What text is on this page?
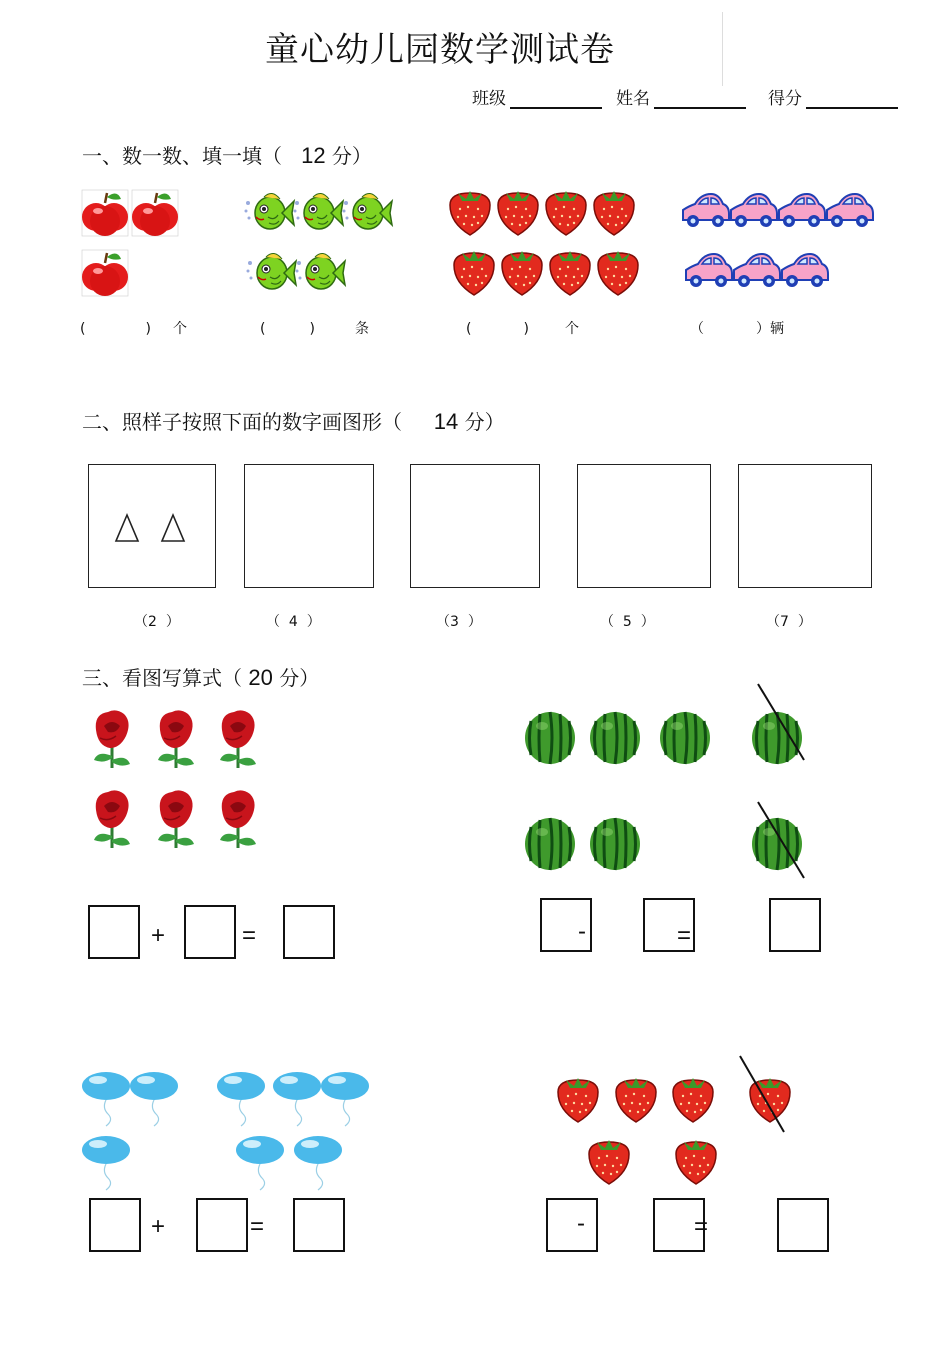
童心幼儿园数学测试卷
班级	姓名	得分
一、数一数、填一填（ 12 分）
(	) 个	(	)	条	(	)	个	（	）辆
二、照样子按照下面的数字画图形（ 14 分）
（2  ）	（  4  ）	（3  ）	（  5  ）	（7  ）
三、看图写算式（ 20 分）
+	=	-	=
+	=	-	=
